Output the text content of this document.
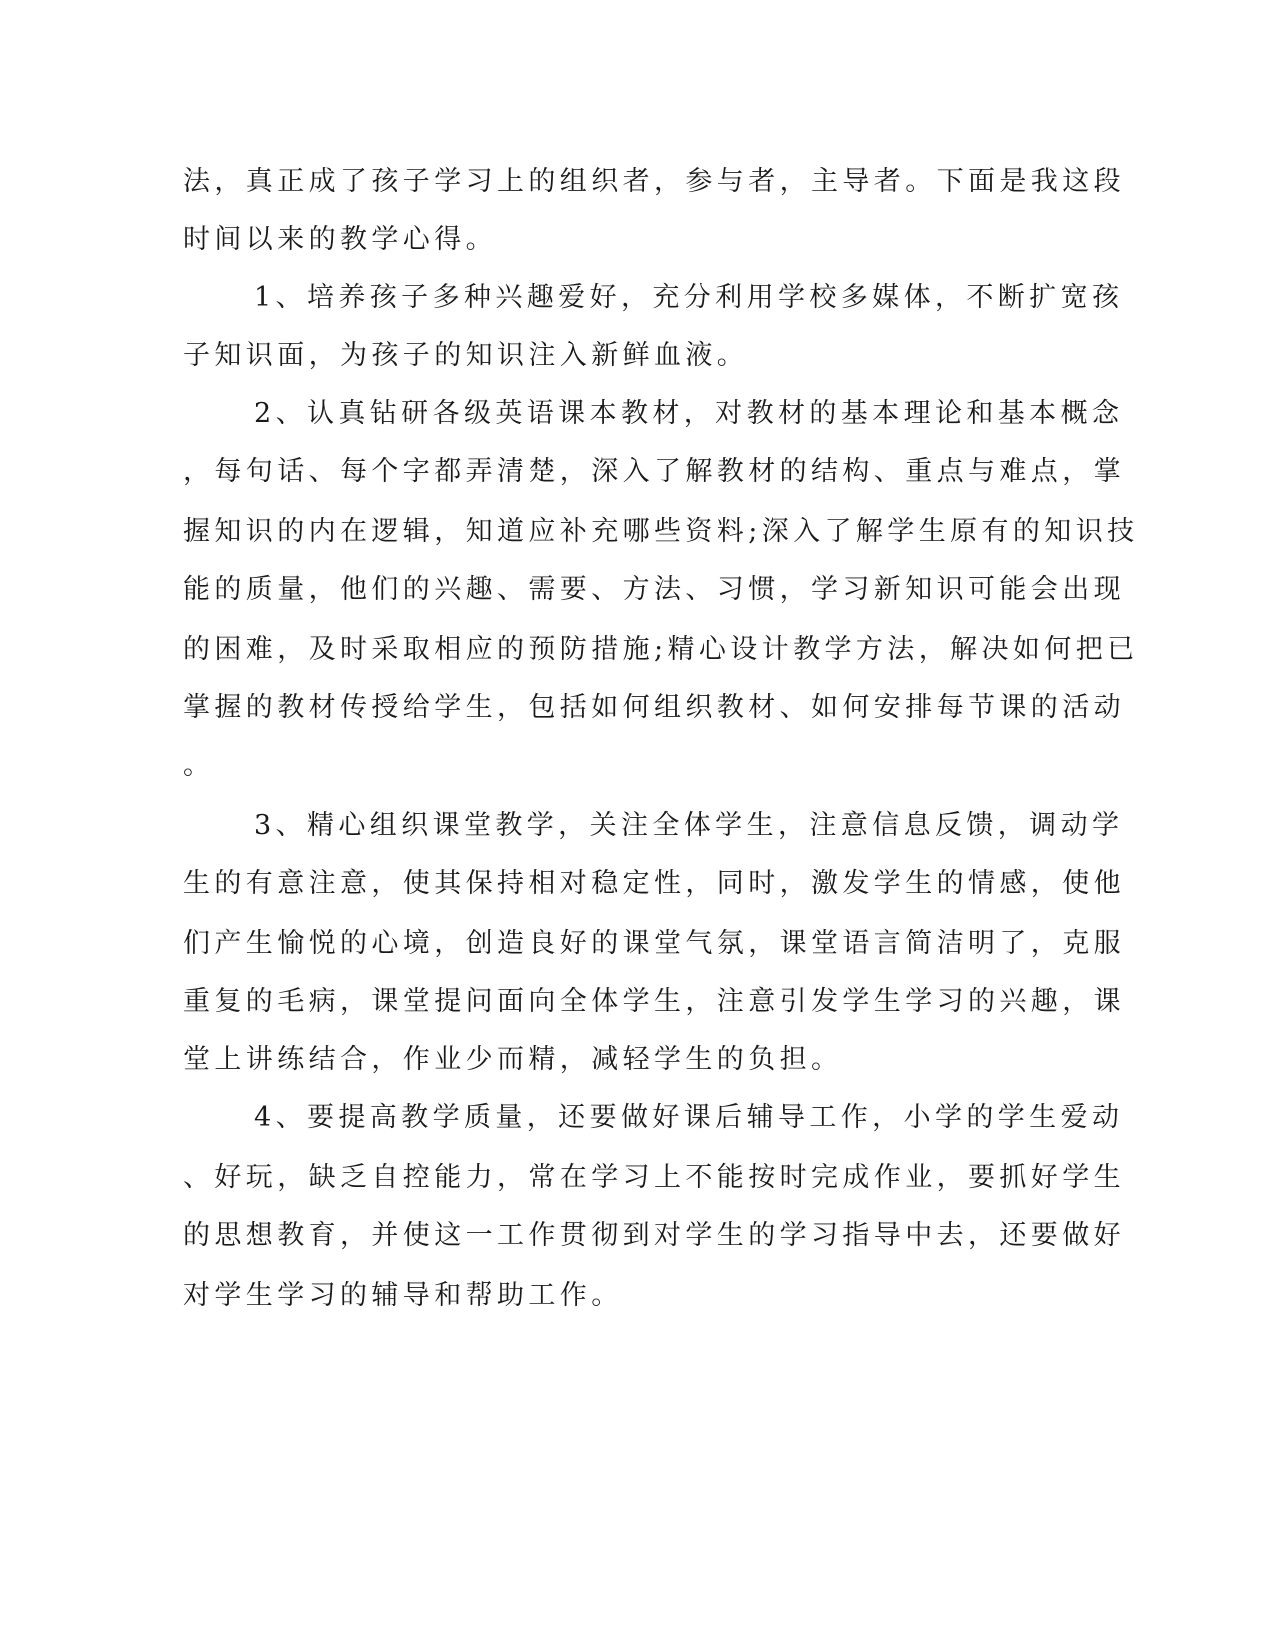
法，真正成了孩子学习上的组织者，参与者，主导者。下面是我这段
时间以来的教学心得。
1、培养孩子多种兴趣爱好，充分利用学校多媒体，不断扩宽孩
子知识面，为孩子的知识注入新鲜血液。
2、认真钻研各级英语课本教材，对教材的基本理论和基本概念
，每句话、每个字都弄清楚，深入了解教材的结构、重点与难点，掌
握知识的内在逻辑，知道应补充哪些资料;深入了解学生原有的知识技
能的质量，他们的兴趣、需要、方法、习惯，学习新知识可能会出现
的困难，及时采取相应的预防措施;精心设计教学方法，解决如何把已
掌握的教材传授给学生，包括如何组织教材、如何安排每节课的活动
。
3、精心组织课堂教学，关注全体学生，注意信息反馈，调动学
生的有意注意，使其保持相对稳定性，同时，激发学生的情感，使他
们产生愉悦的心境，创造良好的课堂气氛，课堂语言简洁明了，克服
重复的毛病，课堂提问面向全体学生，注意引发学生学习的兴趣，课
堂上讲练结合，作业少而精，减轻学生的负担。
4、要提高教学质量，还要做好课后辅导工作，小学的学生爱动
、好玩，缺乏自控能力，常在学习上不能按时完成作业，要抓好学生
的思想教育，并使这一工作贯彻到对学生的学习指导中去，还要做好
对学生学习的辅导和帮助工作。
